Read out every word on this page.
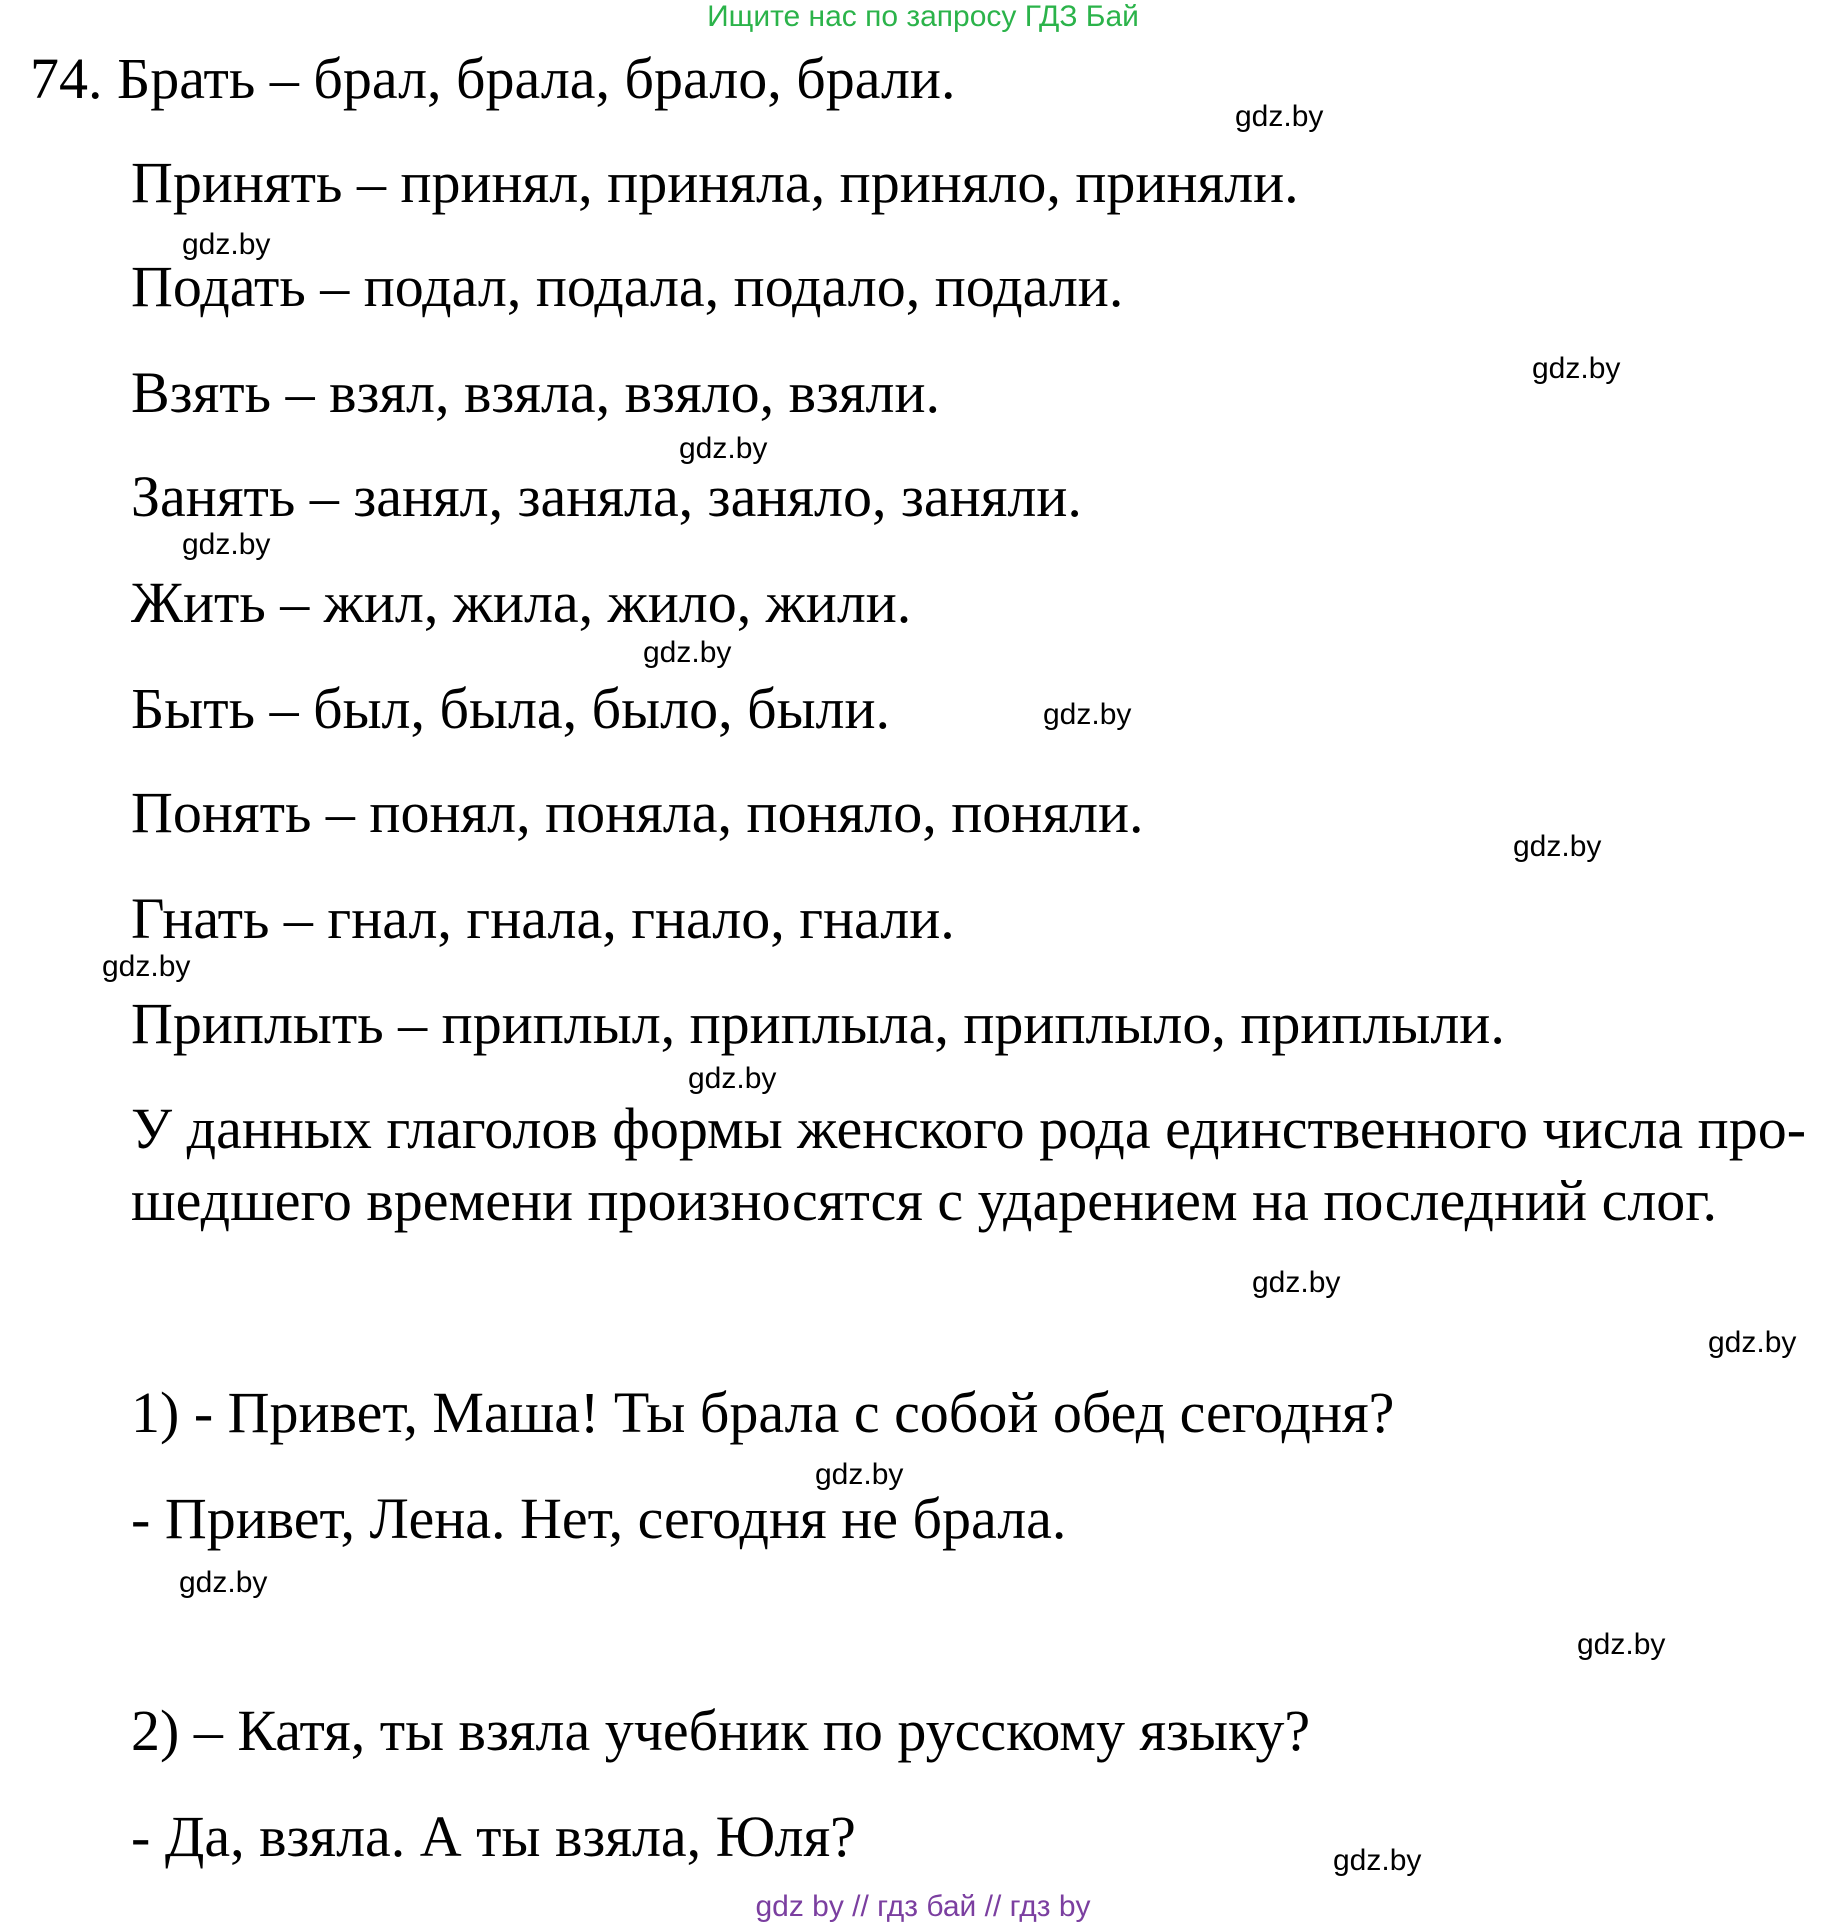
Ищите нас по запросу ГДЗ Бай
74. Брать – брал, брала, брало, брали.
Принять – принял, приняла, приняло, приняли.
Подать – подал, подала, подало, подали.
Взять – взял, взяла, взяло, взяли.
Занять – занял, заняла, заняло, заняли.
Жить – жил, жила, жило, жили.
Быть – был, была, было, были.
Понять – понял, поняла, поняло, поняли.
Гнать – гнал, гнала, гнало, гнали.
Приплыть – приплыл, приплыла, приплыло, приплыли.
У данных глаголов формы женского рода единственного числа про-
шедшего времени произносятся с ударением на последний слог.
1) - Привет, Маша! Ты брала с собой обед сегодня?
- Привет, Лена. Нет, сегодня не брала.
2) – Катя, ты взяла учебник по русскому языку?
- Да, взяла. А ты взяла, Юля?
gdz.by
gdz.by
gdz.by
gdz.by
gdz.by
gdz.by
gdz.by
gdz.by
gdz.by
gdz.by
gdz.by
gdz.by
gdz.by
gdz.by
gdz.by
gdz.by
gdz by // гдз бай // гдз by
